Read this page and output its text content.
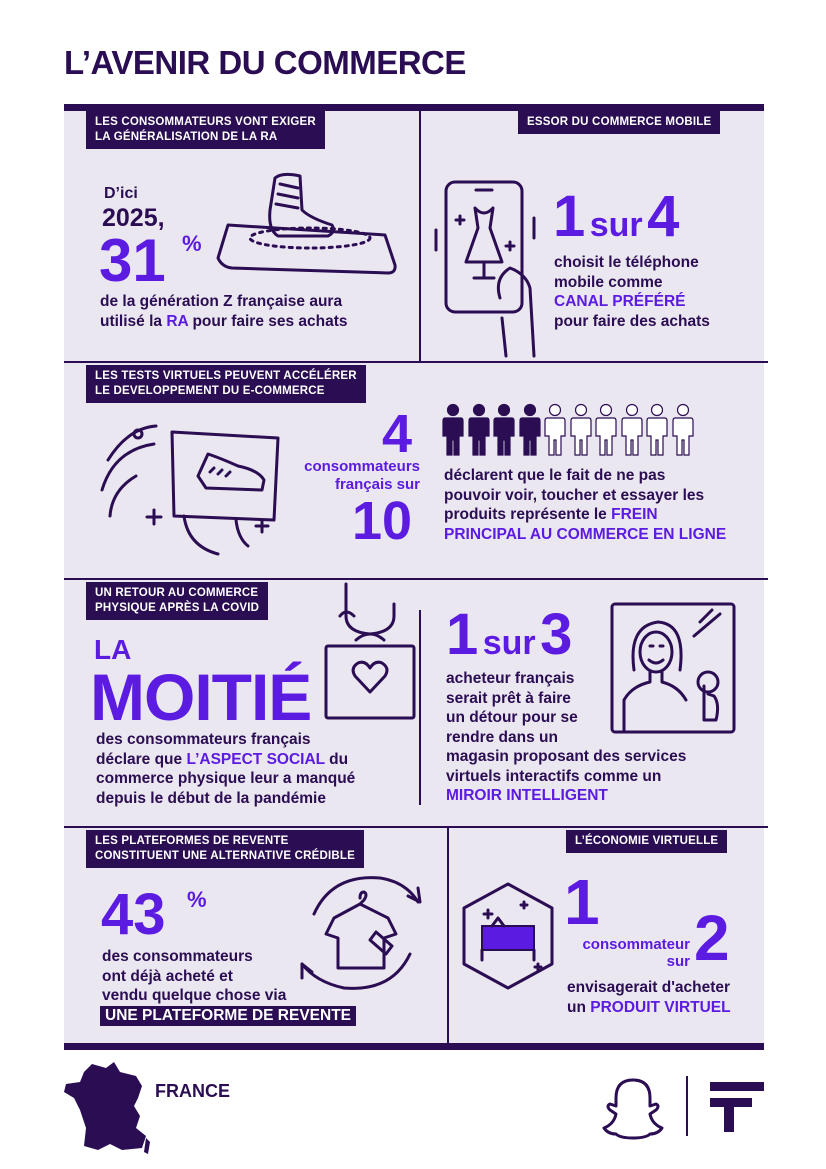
L’AVENIR DU COMMERCE
LES CONSOMMATEURS VONT EXIGER
LA GÉNÉRALISATION DE LA RA
D’ici
2025,
31 %
de la génération Z française aura
utilisé la RA pour faire ses achats
ESSOR DU COMMERCE MOBILE
1 sur 4
choisit le téléphone
mobile comme
CANAL PRÉFÉRÉ
pour faire des achats
LES TESTS VIRTUELS PEUVENT ACCÉLÉRER
LE DEVELOPPEMENT DU E-COMMERCE
4
consommateurs
français sur
10
déclarent que le fait de ne pas
pouvoir voir, toucher et essayer les
produits représente le FREIN
PRINCIPAL AU COMMERCE EN LIGNE
UN RETOUR AU COMMERCE
PHYSIQUE APRÈS LA COVID
LA
MOITIÉ
des consommateurs français
déclare que L’ASPECT SOCIAL du
commerce physique leur a manqué
depuis le début de la pandémie
1 sur 3
acheteur français
serait prêt à faire
un détour pour se
rendre dans un
magasin proposant des services
virtuels interactifs comme un
MIROIR INTELLIGENT
LES PLATEFORMES DE REVENTE
CONSTITUENT UNE ALTERNATIVE CRÉDIBLE
43 %
des consommateurs
ont déjà acheté et
vendu quelque chose via
UNE PLATEFORME DE REVENTE
L’ÉCONOMIE VIRTUELLE
1
consommateur
sur 2
envisagerait d'acheter
un PRODUIT VIRTUEL
FRANCE
